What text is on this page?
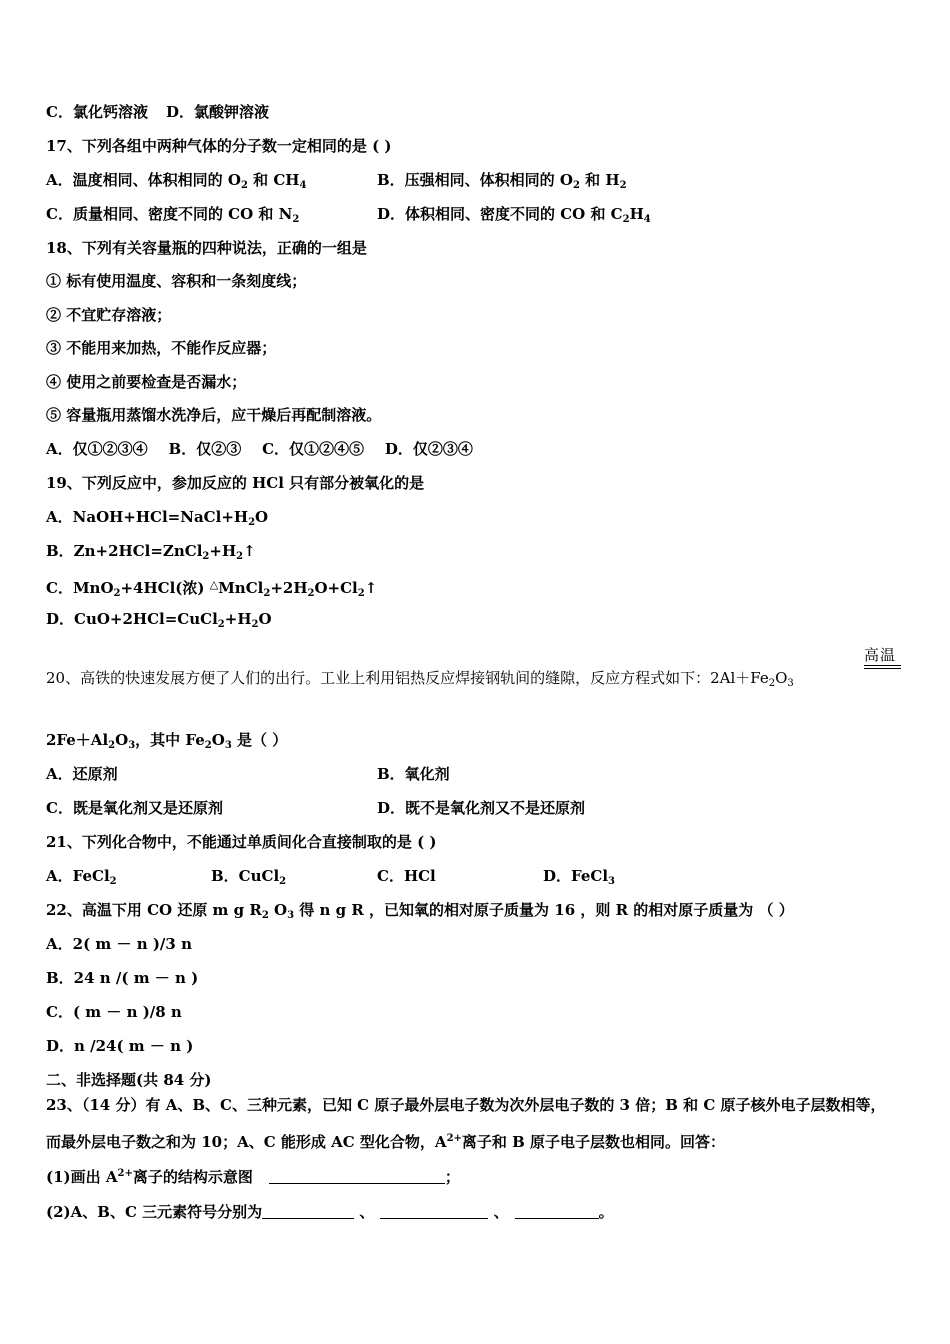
C．氯化钙溶液 D．氯酸钾溶液
17、下列各组中两种气体的分子数一定相同的是 ( )
A．温度相同、体积相同的 $O_2$ 和 $CH_4$	B．压强相同、体积相同的 $O_2$ 和 $H_2$
C．质量相同、密度不同的 CO 和 $N_2$	D．体积相同、密度不同的 CO 和 $C_2H_4$
18、下列有关容量瓶的四种说法，正确的一组是
① 标有使用温度、容积和一条刻度线；
② 不宜贮存溶液；
③ 不能用来加热，不能作反应器；
④ 使用之前要检查是否漏水；
⑤ 容量瓶用蒸馏水洗净后，应干燥后再配制溶液。
A．仅①②③④    B．仅②③    C．仅①②④⑤    D．仅②③④
19、下列反应中，参加反应的 HCl 只有部分被氧化的是
A．$NaOH+HCl=NaCl+H_2O$
B．$Zn+2HCl=ZnCl_2+H_2↑$
C．MnO$_2$+4HCl(浓) $^\triangle MnCl_2+2H_2O+Cl_2↑$
D．$CuO+2HCl=CuCl_2+H_2O$
高温
20、高铁的快速发展方便了人们的出行。工业上利用铝热反应焊接钢轨间的缝隙，反应方程式如下：$2Al+Fe_2O_3$
$2Fe+Al_2O_3$，其中 $Fe_2O_3$ 是（ ）
A．还原剂	B．氧化剂
C．既是氧化剂又是还原剂	D．既不是氧化剂又不是还原剂
21、下列化合物中，不能通过单质间化合直接制取的是 ( )
A．FeCl$_2$	B．CuCl$_2$	C．HCl	D．FeCl$_3$
22、高温下用 CO 还原 m g $R_2$ $O_3$ 得 n g R ，已知氧的相对原子质量为 16 ，则 R 的相对原子质量为 （ ）
A．2( m － n )/3 n
B．24 n /( m － n )
C．( m － n )/8 n
D．n /24( m － n )
二、非选择题(共 84 分)
23、（14 分）有 A、B、C、三种元素，已知 C 原子最外层电子数为次外层电子数的 3 倍；B 和 C 原子核外电子层数相等，
而最外层电子数之和为 10；A、C 能形成 AC 型化合物，$A^{2+}$离子和 B 原子电子层数也相同。回答：
(1)画出 $A^{2+}$离子的结构示意图	；
(2)A、B、C 三元素符号分别为	、	、	。
